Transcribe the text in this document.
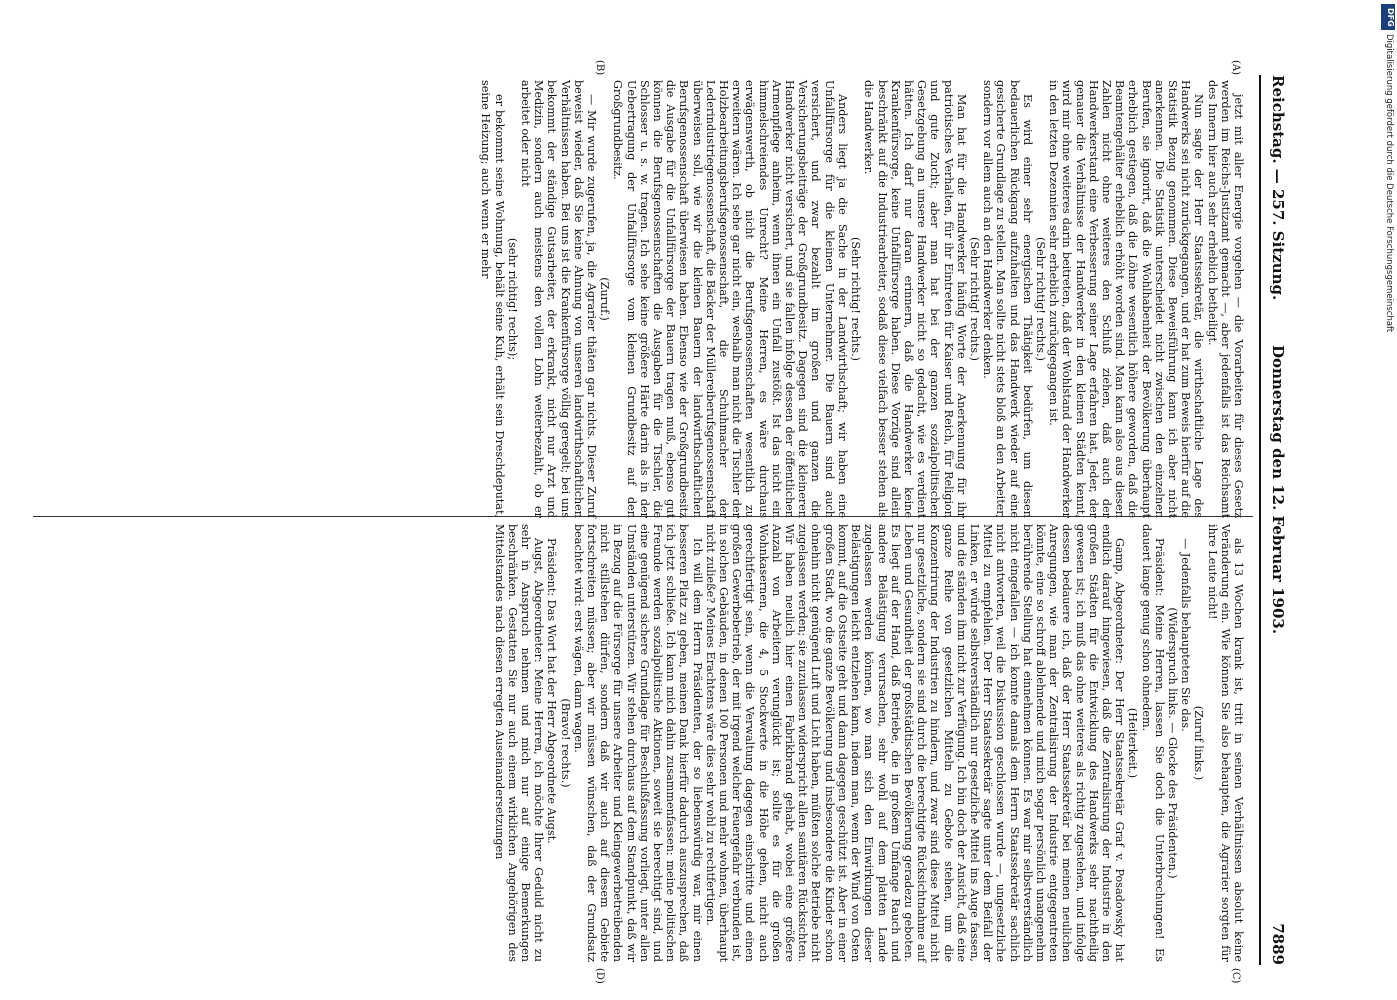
Reichstag. — 257. Sitzung.
Donnerstag den 12. Februar 1903.
7889
(A)
(B)
(C)
(D)

jetzt mit aller Energie vorgehen — die Vorarbeiten für dieses Gesetz werden im Reichs-Justizamt gemacht —, aber jedenfalls ist das Reichsamt des Innern hier auch sehr erheblich betheiligt.

Nun sagte der Herr Staatssekretär, die wirthschaftliche Lage des Handwerks sei nicht zurückgegangen, und er hat zum Beweis hierfür auf die Statistik Bezug genommen. Diese Beweisführung kann ich aber nicht anerkennen. Die Statistik unterscheidet nicht zwischen den einzelnen Berufen, sie ignorirt, daß die Wohlhabenheit der Bevölkerung überhaupt erheblich gestiegen, daß die Löhne wesentlich höhere geworden, daß die Beamtengehälter erheblich erhöht worden sind. Man kann also aus diesen Zahlen nicht ohne weiteres den Schluß ziehen, daß auch der Handwerkerstand eine Verbesserung seiner Lage erfahren hat. Jeder, der genauer die Verhältnisse der Handwerker in den kleinen Städten kennt, wird mir ohne weiteres darin beitreten, daß der Wohlstand der Handwerker in den letzten Dezennien sehr erheblich zurückgegangen ist.

(Sehr richtig! rechts.)

Es wird einer sehr energischen Thätigkeit bedürfen, um diesen bedauerlichen Rückgang aufzuhalten und das Handwerk wieder auf eine gesicherte Grundlage zu stellen. Man sollte nicht stets bloß an den Arbeiter, sondern vor allem auch an den Handwerker denken.

(Sehr richtig! rechts.)

Man hat für die Handwerker häufig Worte der Anerkennung für ihr patriotisches Verhalten, für ihr Eintreten für Kaiser und Reich, für Religion und gute Zucht; aber man hat bei der ganzen sozialpolitischen Gesetzgebung an unsere Handwerker nicht so gedacht, wie es verdient hätten. Ich darf nur daran erinnern, daß die Handwerker keine Krankenfürsorge, keine Unfallfürsorge haben. Diese Vorzüge sind allein beschränkt auf die Industriearbeiter, sodaß diese vielfach besser stehen als die Handwerker.

(Sehr richtig! rechts.)

Anders liegt ja die Sache in der Landwirthschaft; wir haben eine Unfallfürsorge für die kleinen Unternehmer. Die Bauern sind auch versichert, und zwar bezahlt im großen und ganzen die Versicherungsbeiträge der Großgrundbesitz. Dagegen sind die kleineren Handwerker nicht versichert, und sie fallen infolge dessen der öffentlichen Armenpflege anheim, wenn ihnen ein Unfall zustößt. Ist das nicht ein himmelschreiendes Unrecht? Meine Herren, es wäre durchaus erwägenswerth, ob nicht die Berufsgenossenschaften wesentlich zu erweitern wären. Ich sehe gar nicht ein, weshalb man nicht die Tischler der Holzbearbeitungsberufsgenossenschaft, die Schuhmacher der Lederindustriegenossenschaft, die Bäcker der Müllereiberufsgenossenschaft überweisen soll, wie wir die kleinen Bauern der landwirthschaftlichen Berufsgenossenschaft überwiesen haben. Ebenso wie der Großgrundbesitz die Ausgabe für die Unfallfürsorge der Bauern tragen muß, ebenso gut können die Berufsgenossenschaften die Ausgaben für die Tischler, die Schlosser u. s. w. tragen. Ich sehe keine größere Härte darin als in der Uebertragung der Unfallfürsorge vom kleinen Grundbesitz auf den Großgrundbesitz.

(Zuruf.)

— Mir wurde zugerufen, ja, die Agrarier thäten gar nichts. Dieser Zuruf beweist wieder, daß Sie keine Ahnung von unseren landwirthschaftlichen Verhältnissen haben. Bei uns ist die Krankenfürsorge völlig geregelt; bei uns bekommt der ständige Gutsarbeiter, der erkrankt, nicht nur Arzt und Medizin, sondern auch meistens den vollen Lohn weiterbezahlt, ob er arbeitet oder nicht

(sehr richtig! rechts);

er bekommt seine Wohnung, behält seine Kuh, erhält sein Dreschdeputat, seine Heizung; auch wenn er mehr

als 13 Wochen krank ist, tritt in seinen Verhältnissen absolut keine Veränderung ein. Wie können Sie also behaupten, die Agrarier sorgten für ihre Leute nicht!

(Zuruf links.)

— Jedenfalls behaupteten Sie das.

(Widerspruch links. — Glocke des Präsidenten.)

Präsident: Meine Herren, lassen Sie doch die Unterbrechungen! Es dauert lange genug schon ohnedem.

(Heiterkeit.)

Gamp, Abgeordneter: Der Herr Staatssekretär Graf v. Posadowsky hat endlich darauf hingewiesen, daß die Zentralisirung der Industrie in den großen Städten für die Entwicklung des Handwerks sehr nachtheilig gewesen ist; ich muß das ohne weiteres als richtig zugestehen, und infolge dessen bedauere ich, daß der Herr Staatssekretär bei meinen neulichen Anregungen, wie man der Zentralisirung der Industrie entgegentreten könnte, eine so schroff ablehnende und mich sogar persönlich unangenehm berührende Stellung hat einnehmen können. Es war mir selbstverständlich nicht eingefallen — ich konnte damals dem Herrn Staatssekretär sachlich nicht antworten, weil die Diskussion geschlossen wurde —, ungesetzliche Mittel zu empfehlen. Der Herr Staatssekretär sagte unter dem Beifall der Linken, er würde selbstverständlich nur gesetzliche Mittel ins Auge fassen, und die ständen ihm nicht zur Verfügung. Ich bin doch der Ansicht, daß eine ganze Reihe von gesetzlichen Mitteln zu Gebote stehen, um die Konzentrirung der Industrien zu hindern, und zwar sind diese Mittel nicht nur gesetzliche, sondern sie sind durch die berechtigte Rücksichtnahme auf Leben und Gesundheit der großstädtischen Bevölkerung geradezu geboten. Es liegt auf der Hand, daß Betriebe, die in großem Umfange Rauch und andere Belästigung verursachen, sehr wohl auf dem platten Lande zugelassen werden können, wo man sich den Einwirkungen dieser Belästigungen leicht entziehen kann, indem man, wenn der Wind von Osten kommt, auf die Ostseite geht und dann dagegen geschützt ist. Aber in einer großen Stadt, wo die ganze Bevölkerung und insbesondere die Kinder schon ohnehin nicht genügend Luft und Licht haben, müßten solche Betriebe nicht zugelassen werden; sie zuzulassen widerspricht allen sanitären Rücksichten. Wir haben neulich hier einen Fabrikbrand gehabt, wobei eine größere Anzahl von Arbeitern verunglückt ist; sollte es für die großen Wohnkasernen, die 4, 5 Stockwerte in die Höhe gehen, nicht auch gerechtfertigt sein, wenn die Verwaltung dagegen einschritte und einen großen Gewerbebetrieb, der mit irgend welcher Feuergefahr verbunden ist, in solchen Gebäuden, in denen 100 Personen und mehr wohnen, überhaupt nicht zuließe? Meines Erachtens wäre dies sehr wohl zu rechtfertigen.

Ich will dem Herrn Präsidenten, der so liebenswürdig war, mir einen besseren Platz zu geben, meinen Dank hierfür dadurch auszusprechen, daß ich jetzt schließe. Ich kann mich dahin zusammenfassen: meine politischen Freunde werden sozialpolitische Aktionen, soweit sie berechtigt sind, und eine genügend sichere Grundlage für Beschlußfassung vorliegt, unter allen Umständen unterstützen. Wir stehen durchaus auf dem Standpunkt, daß wir in Bezug auf die Fürsorge für unsere Arbeiter und Kleingewerbetreibenden nicht stillstehen dürfen, sondern daß wir auch auf diesem Gebiete fortschreiten müssen; aber wir müssen wünschen, daß der Grundsatz beachtet wird: erst wägen, dann wagen.

(Bravo! rechts.)

Präsident: Das Wort hat der Herr Abgeordnete Augst.

Augst, Abgeordneter: Meine Herren, ich möchte Ihrer Geduld nicht zu sehr in Anspruch nehmen und mich nur auf einige Bemerkungen beschränken. Gestatten Sie nur auch einem wirklichen Angehörigen des Mittelstandes nach diesen erregten Auseinandersetzungen

DFG
Digitalisierung gefördert durch die Deutsche Forschungsgemeinschaft
